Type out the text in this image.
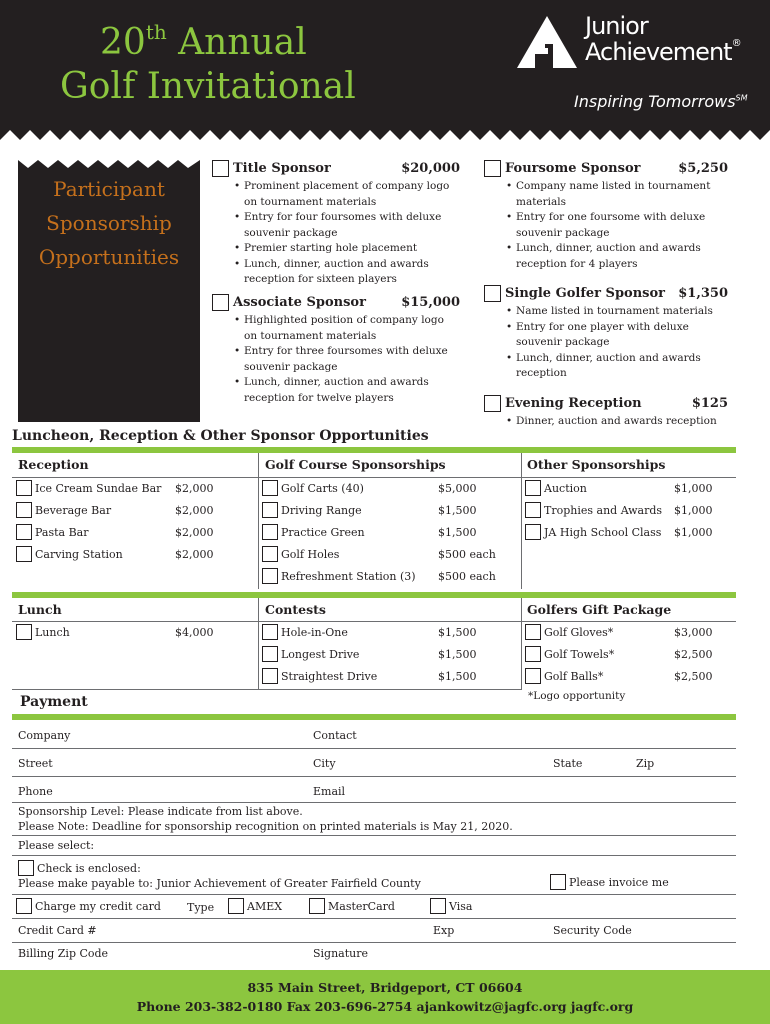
20th Annual
Golf Invitational
Junior
Achievement®
Inspiring Tomorrows℠
Participant
Sponsorship
Opportunities
Title Sponsor	$20,000
• Prominent placement of company logo on tournament materials
• Entry for four foursomes with deluxe souvenir package
• Premier starting hole placement
• Lunch, dinner, auction and awards reception for sixteen players
Associate Sponsor	$15,000
• Highlighted position of company logo on tournament materials
• Entry for three foursomes with deluxe souvenir package
• Lunch, dinner, auction and awards reception for twelve players
Foursome Sponsor	$5,250
• Company name listed in tournament materials
• Entry for one foursome with deluxe souvenir package
• Lunch, dinner, auction and awards reception for 4 players
Single Golfer Sponsor	$1,350
• Name listed in tournament materials
• Entry for one player with deluxe souvenir package
• Lunch, dinner, auction and awards reception
Evening Reception	$125
• Dinner, auction and awards reception
Luncheon, Reception & Other Sponsor Opportunities
Reception	Golf Course Sponsorships	Other Sponsorships
Ice Cream Sundae Bar $2,000
Beverage Bar	$2,000
Pasta Bar	$2,000
Carving Station	$2,000
Golf Carts (40)	$5,000
Driving Range	$1,500
Practice Green	$1,500
Golf Holes	$500 each
Refreshment Station (3) $500 each
Auction	$1,000
Trophies and Awards $1,000
JA High School Class $1,000
Lunch	Contests	Golfers Gift Package
Lunch	$4,000	Hole-in-One	$1,500
Longest Drive	$1,500
Straightest Drive	$1,500
Golf Gloves*	$3,000
Golf Towels*	$2,500
Golf Balls*	$2,500
*Logo opportunity
Payment
Company	Contact
Street	City	State	Zip
Phone	Email
Sponsorship Level: Please indicate from list above.
Please Note: Deadline for sponsorship recognition on printed materials is May 21, 2020.
Please select:
Check is enclosed:
Please make payable to: Junior Achievement of Greater Fairfield County	Please invoice me
Charge my credit card Type	AMEX	MasterCard	Visa
Credit Card #	Exp	Security Code
Billing Zip Code	Signature
835 Main Street, Bridgeport, CT 06604
Phone 203-382-0180 Fax 203-696-2754 ajankowitz@jagfc.org jagfc.org
